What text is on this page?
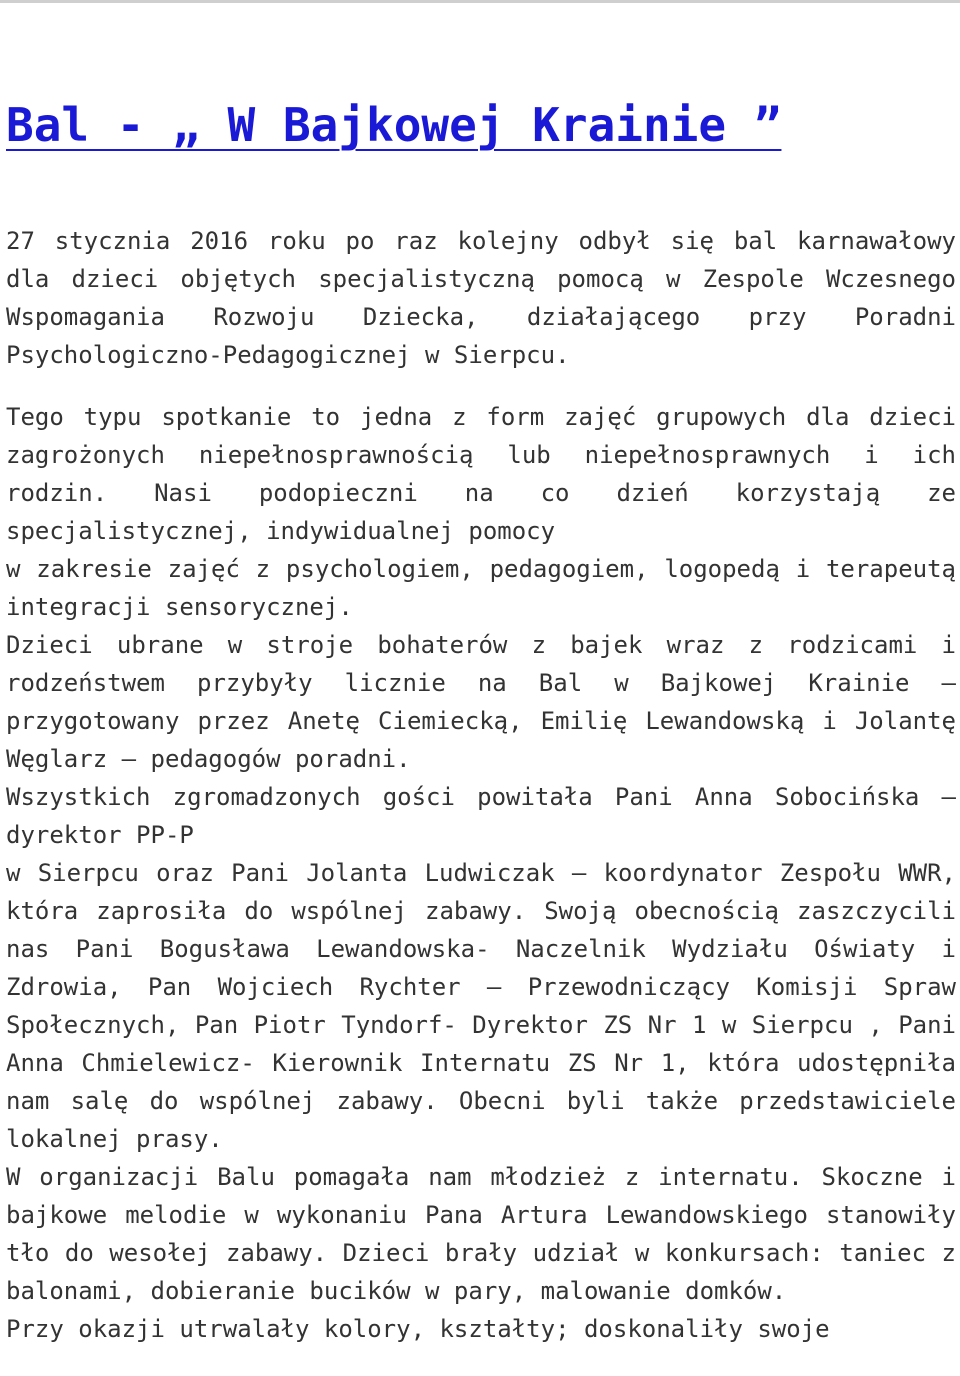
Bal - „ W Bajkowej Krainie ”

27 stycznia 2016 roku po raz kolejny odbył się bal karnawałowy dla dzieci objętych specjalistyczną pomocą w Zespole Wczesnego Wspomagania Rozwoju Dziecka, działającego przy Poradni Psychologiczno-Pedagogicznej w Sierpcu.

Tego typu spotkanie to jedna z form zajęć grupowych dla dzieci zagrożonych niepełnosprawnością lub niepełnosprawnych i ich rodzin. Nasi podopieczni na co dzień korzystają ze specjalistycznej, indywidualnej pomocy

w zakresie zajęć z psychologiem, pedagogiem, logopedą i terapeutą integracji sensorycznej.

Dzieci ubrane w stroje bohaterów z bajek wraz z rodzicami i rodzeństwem przybyły licznie na Bal w Bajkowej Krainie – przygotowany przez Anetę Ciemiecką, Emilię Lewandowską i Jolantę Węglarz – pedagogów poradni.

Wszystkich zgromadzonych gości powitała Pani Anna Sobocińska – dyrektor PP-P

w Sierpcu oraz Pani Jolanta Ludwiczak – koordynator Zespołu WWR, która zaprosiła do wspólnej zabawy. Swoją obecnością zaszczycili nas Pani Bogusława Lewandowska- Naczelnik Wydziału Oświaty i Zdrowia, Pan Wojciech Rychter – Przewodniczący Komisji Spraw Społecznych, Pan Piotr Tyndorf- Dyrektor ZS Nr 1 w Sierpcu , Pani Anna Chmielewicz- Kierownik Internatu ZS Nr 1, która udostępniła nam salę do wspólnej zabawy. Obecni byli także przedstawiciele lokalnej prasy.

W organizacji Balu pomagała nam młodzież z internatu. Skoczne i bajkowe melodie w wykonaniu Pana Artura Lewandowskiego stanowiły tło do wesołej zabawy. Dzieci brały udział w konkursach: taniec z balonami, dobieranie bucików w pary, malowanie domków.

Przy okazji utrwalały kolory, kształty; doskonaliły swoje
